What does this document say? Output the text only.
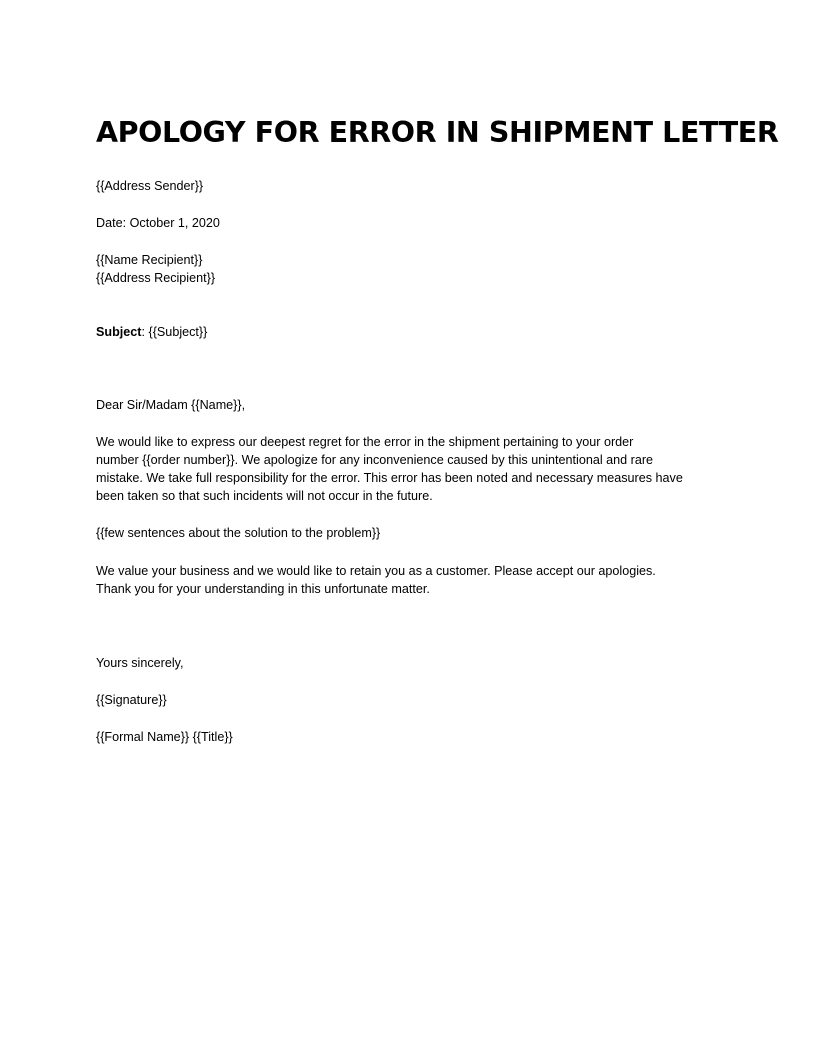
APOLOGY FOR ERROR IN SHIPMENT LETTER
{{Address Sender}}
Date: October 1, 2020
{{Name Recipient}}
{{Address Recipient}}
Subject: {{Subject}}
Dear Sir/Madam {{Name}},
We would like to express our deepest regret for the error in the shipment pertaining to your order
number {{order number}}. We apologize for any inconvenience caused by this unintentional and rare
mistake. We take full responsibility for the error. This error has been noted and necessary measures have
been taken so that such incidents will not occur in the future.
{{few sentences about the solution to the problem}}
We value your business and we would like to retain you as a customer. Please accept our apologies.
Thank you for your understanding in this unfortunate matter.
Yours sincerely,
{{Signature}}
{{Formal Name}} {{Title}}
